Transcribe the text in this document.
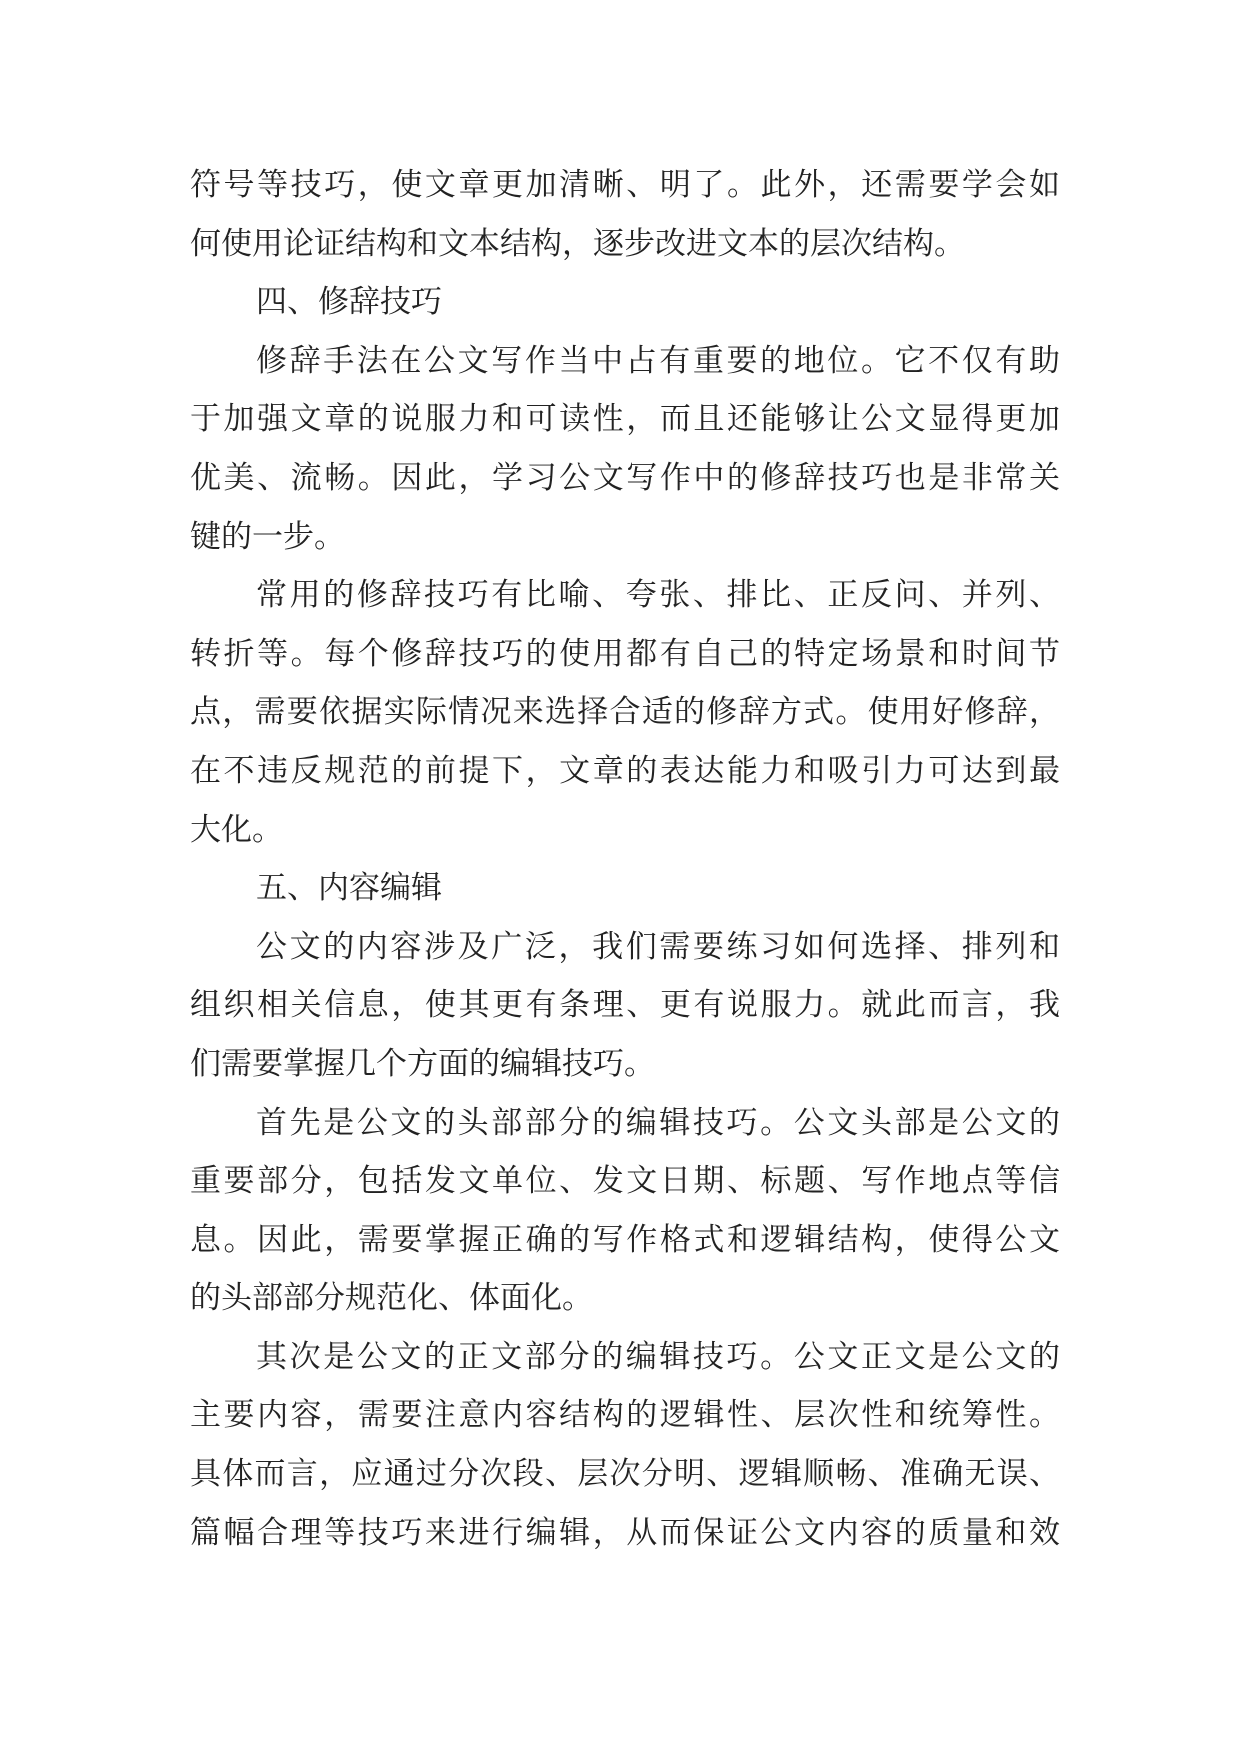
符号等技巧，使文章更加清晰、明了。此外，还需要学会如
何使用论证结构和文本结构，逐步改进文本的层次结构。
四、修辞技巧
修辞手法在公文写作当中占有重要的地位。它不仅有助
于加强文章的说服力和可读性，而且还能够让公文显得更加
优美、流畅。因此，学习公文写作中的修辞技巧也是非常关
键的一步。
常用的修辞技巧有比喻、夸张、排比、正反问、并列、
转折等。每个修辞技巧的使用都有自己的特定场景和时间节
点，需要依据实际情况来选择合适的修辞方式。使用好修辞，
在不违反规范的前提下，文章的表达能力和吸引力可达到最
大化。
五、内容编辑
公文的内容涉及广泛，我们需要练习如何选择、排列和
组织相关信息，使其更有条理、更有说服力。就此而言，我
们需要掌握几个方面的编辑技巧。
首先是公文的头部部分的编辑技巧。公文头部是公文的
重要部分，包括发文单位、发文日期、标题、写作地点等信
息。因此，需要掌握正确的写作格式和逻辑结构，使得公文
的头部部分规范化、体面化。
其次是公文的正文部分的编辑技巧。公文正文是公文的
主要内容，需要注意内容结构的逻辑性、层次性和统筹性。
具体而言，应通过分次段、层次分明、逻辑顺畅、准确无误、
篇幅合理等技巧来进行编辑，从而保证公文内容的质量和效
